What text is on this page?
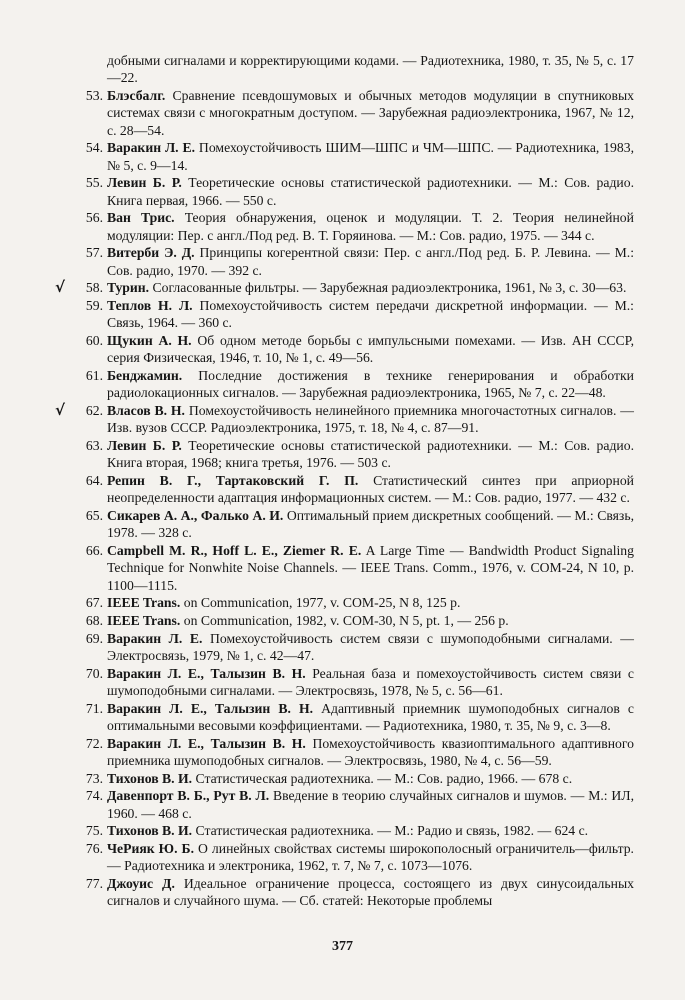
добными сигналами и корректирующими кодами. — Радиотехника, 1980, т. 35, № 5, с. 17—22.
53. Блэсбалг. Сравнение псевдошумовых и обычных методов модуляции в спутниковых системах связи с многократным доступом. — Зарубежная радиоэлектроника, 1967, № 12, с. 28—54.
54. Варакин Л. Е. Помехоустойчивость ШИМ—ШПС и ЧМ—ШПС. — Радиотехника, 1983, № 5, с. 9—14.
55. Левин Б. Р. Теоретические основы статистической радиотехники. — М.: Сов. радио. Книга первая, 1966. — 550 с.
56. Ван Трис. Теория обнаружения, оценок и модуляции. Т. 2. Теория нелинейной модуляции: Пер. с англ./Под ред. В. Т. Горяинова. — М.: Сов. радио, 1975. — 344 с.
57. Витерби Э. Д. Принципы когерентной связи: Пер. с англ./Под ред. Б. Р. Левина. — М.: Сов. радио, 1970. — 392 с.
√	58. Турин. Согласованные фильтры. — Зарубежная радиоэлектроника, 1961, № 3, с. 30—63.
59. Теплов Н. Л. Помехоустойчивость систем передачи дискретной информации. — М.: Связь, 1964. — 360 с.
60. Щукин А. Н. Об одном методе борьбы с импульсными помехами. — Изв. АН СССР, серия Физическая, 1946, т. 10, № 1, с. 49—56.
61. Бенджамин. Последние достижения в технике генерирования и обработки радиолокационных сигналов. — Зарубежная радиоэлектроника, 1965, № 7, с. 22—48.
√	62. Власов В. Н. Помехоустойчивость нелинейного приемника многочастотных сигналов. — Изв. вузов СССР. Радиоэлектроника, 1975, т. 18, № 4, с. 87—91.
63. Левин Б. Р. Теоретические основы статистической радиотехники. — М.: Сов. радио. Книга вторая, 1968; книга третья, 1976. — 503 с.
64. Репин В. Г., Тартаковский Г. П. Статистический синтез при априорной неопределенности адаптация информационных систем. — М.: Сов. радио, 1977. — 432 с.
65. Сикарев А. А., Фалько А. И. Оптимальный прием дискретных сообщений. — М.: Связь, 1978. — 328 с.
66. Campbell M. R., Hoff L. E., Ziemer R. E. A Large Time — Bandwidth Product Signaling Technique for Nonwhite Noise Channels. — IEEE Trans. Comm., 1976, v. COM-24, N 10, p. 1100—1115.
67. IEEE Trans. on Communication, 1977, v. COM-25, N 8, 125 p.
68. IEEE Trans. on Communication, 1982, v. COM-30, N 5, pt. 1, — 256 p.
69. Варакин Л. Е. Помехоустойчивость систем связи с шумоподобными сигналами. — Электросвязь, 1979, № 1, с. 42—47.
70. Варакин Л. Е., Талызин В. Н. Реальная база и помехоустойчивость систем связи с шумоподобными сигналами. — Электросвязь, 1978, № 5, с. 56—61.
71. Варакин Л. Е., Талызин В. Н. Адаптивный приемник шумоподобных сигналов с оптимальными весовыми коэффициентами. — Радиотехника, 1980, т. 35, № 9, с. 3—8.
72. Варакин Л. Е., Талызин В. Н. Помехоустойчивость квазиоптимального адаптивного приемника шумоподобных сигналов. — Электросвязь, 1980, № 4, с. 56—59.
73. Тихонов В. И. Статистическая радиотехника. — М.: Сов. радио, 1966. — 678 с.
74. Давенпорт В. Б., Рут В. Л. Введение в теорию случайных сигналов и шумов. — М.: ИЛ, 1960. — 468 с.
75. Тихонов В. И. Статистическая радиотехника. — М.: Радио и связь, 1982. — 624 с.
76. ЧеРияк Ю. Б. О линейных свойствах системы широкополосный ограничитель—фильтр. — Радиотехника и электроника, 1962, т. 7, № 7, с. 1073—1076.
77. Джоуис Д. Идеальное ограничение процесса, состоящего из двух синусоидальных сигналов и случайного шума. — Сб. статей: Некоторые проблемы
377
